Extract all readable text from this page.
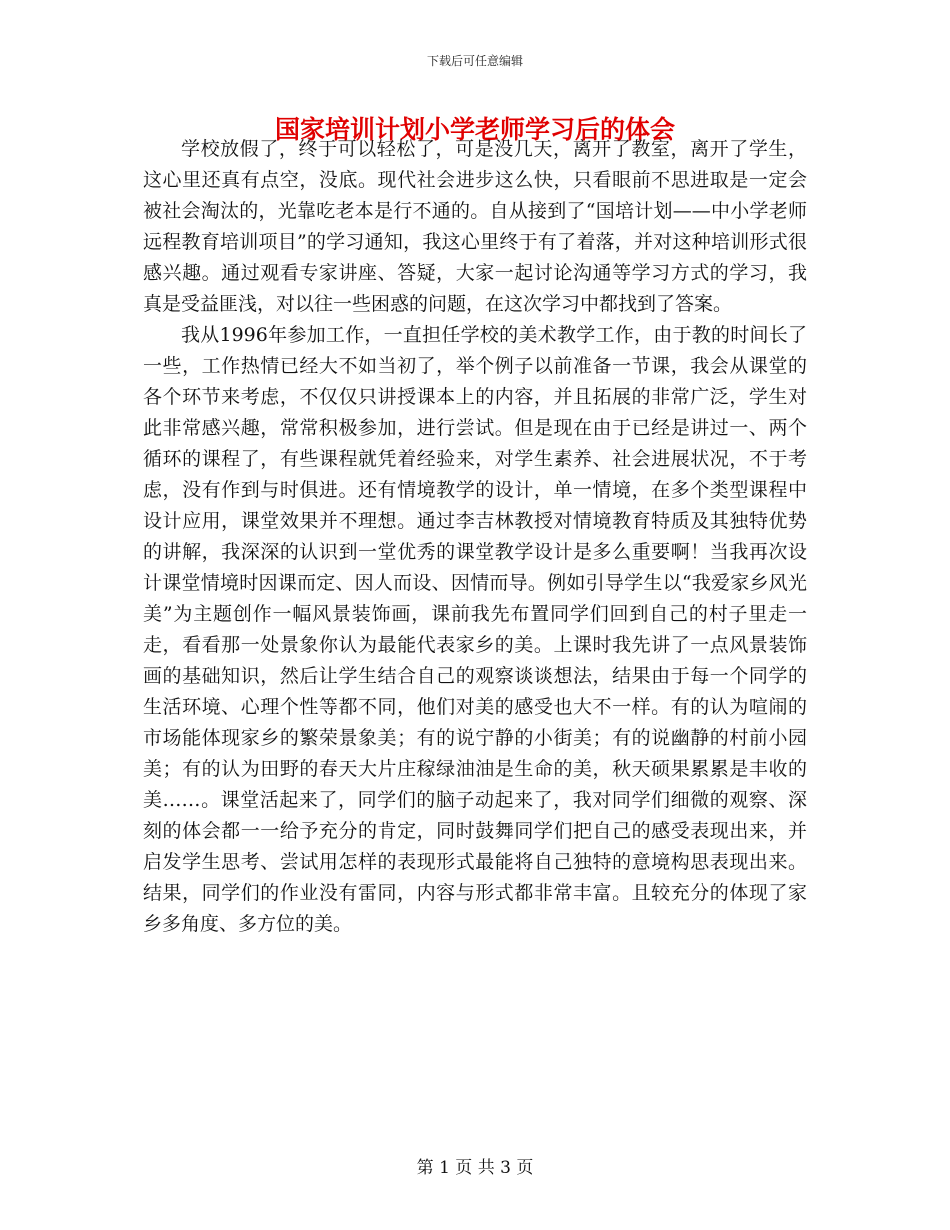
下载后可任意编辑
国家培训计划小学老师学习后的体会

学校放假了，终于可以轻松了，可是没几天，离开了教室，离开了学生，这心里还真有点空，没底。现代社会进步这么快，只看眼前不思进取是一定会被社会淘汰的，光靠吃老本是行不通的。自从接到了“国培计划——中小学老师远程教育培训项目”的学习通知，我这心里终于有了着落，并对这种培训形式很感兴趣。通过观看专家讲座、答疑，大家一起讨论沟通等学习方式的学习，我真是受益匪浅，对以往一些困惑的问题，在这次学习中都找到了答案。

我从1996年参加工作，一直担任学校的美术教学工作，由于教的时间长了一些，工作热情已经大不如当初了，举个例子以前准备一节课，我会从课堂的各个环节来考虑，不仅仅只讲授课本上的内容，并且拓展的非常广泛，学生对此非常感兴趣，常常积极参加，进行尝试。但是现在由于已经是讲过一、两个循环的课程了，有些课程就凭着经验来，对学生素养、社会进展状况，不于考虑，没有作到与时俱进。还有情境教学的设计，单一情境，在多个类型课程中设计应用，课堂效果并不理想。通过李吉林教授对情境教育特质及其独特优势的讲解，我深深的认识到一堂优秀的课堂教学设计是多么重要啊！当我再次设计课堂情境时因课而定、因人而设、因情而导。例如引导学生以“我爱家乡风光美”为主题创作一幅风景装饰画，课前我先布置同学们回到自己的村子里走一走，看看那一处景象你认为最能代表家乡的美。上课时我先讲了一点风景装饰画的基础知识，然后让学生结合自己的观察谈谈想法，结果由于每一个同学的生活环境、心理个性等都不同，他们对美的感受也大不一样。有的认为喧闹的市场能体现家乡的繁荣景象美；有的说宁静的小街美；有的说幽静的村前小园美；有的认为田野的春天大片庄稼绿油油是生命的美，秋天硕果累累是丰收的美……。课堂活起来了，同学们的脑子动起来了，我对同学们细微的观察、深刻的体会都一一给予充分的肯定，同时鼓舞同学们把自己的感受表现出来，并启发学生思考、尝试用怎样的表现形式最能将自己独特的意境构思表现出来。结果，同学们的作业没有雷同，内容与形式都非常丰富。且较充分的体现了家乡多角度、多方位的美。

第 1 页 共 3 页
